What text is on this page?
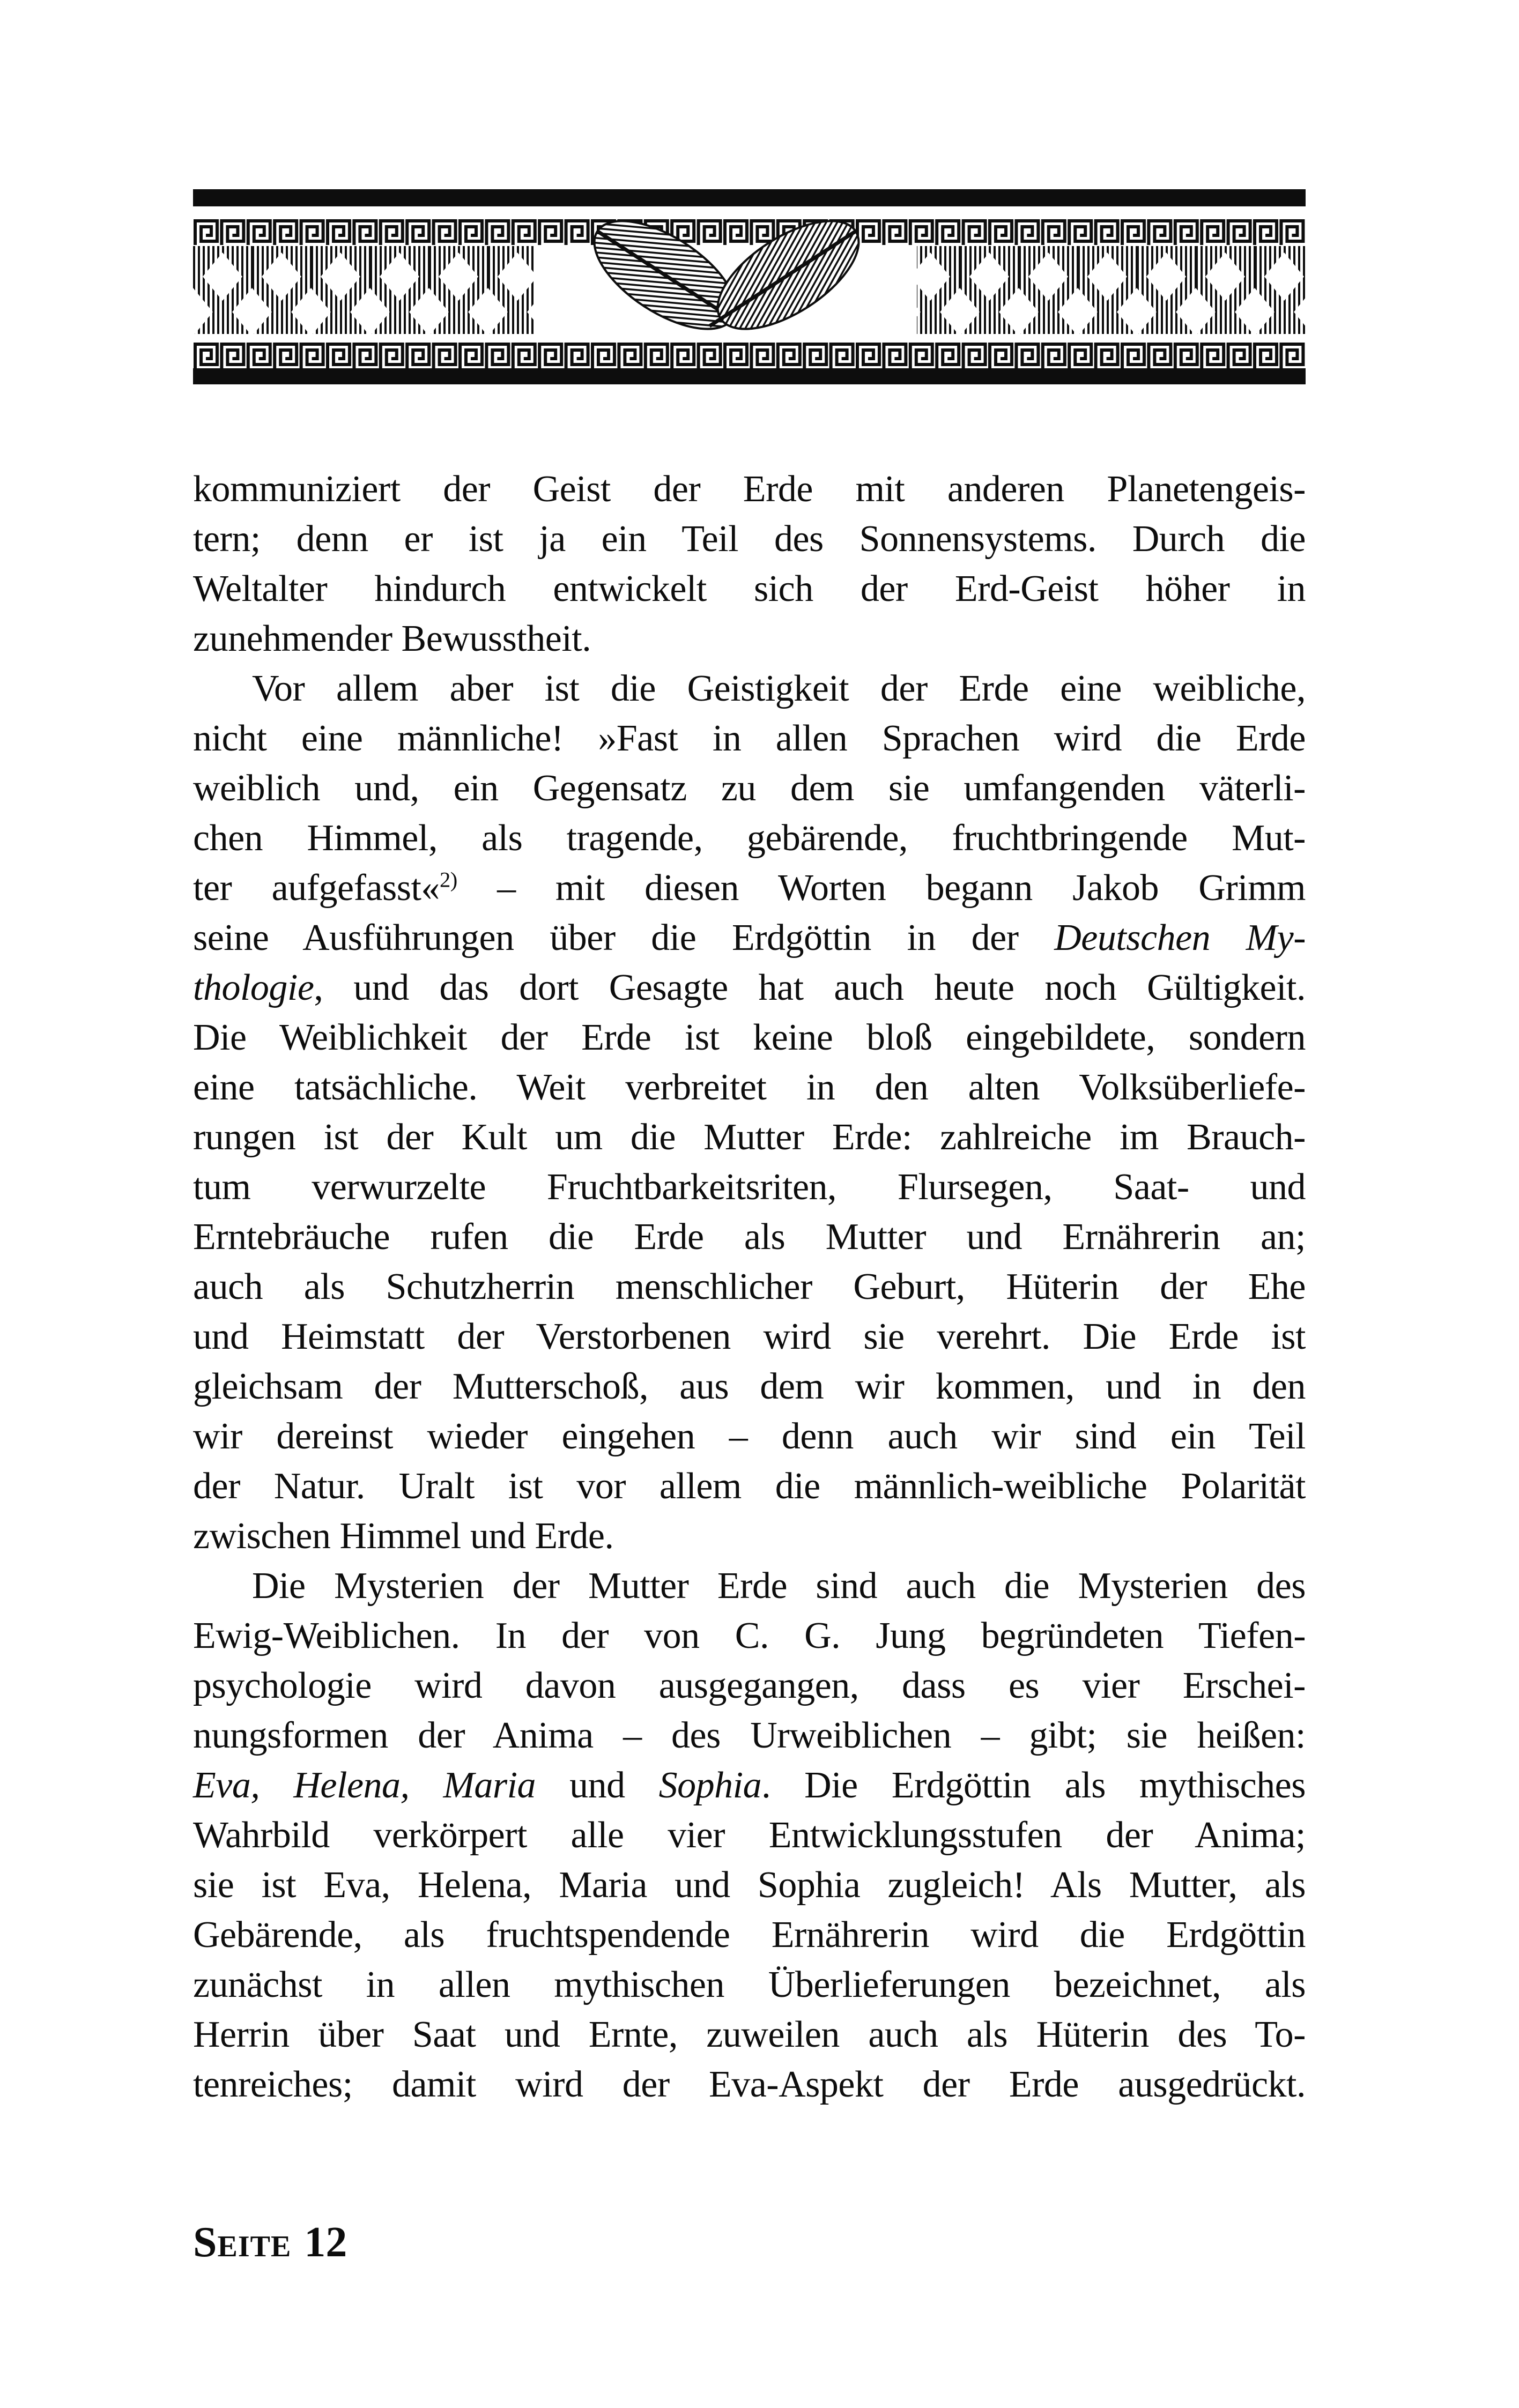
kommuniziert der Geist der Erde mit anderen Planetengeis-
tern; denn er ist ja ein Teil des Sonnensystems. Durch die
Weltalter hindurch entwickelt sich der Erd-Geist höher in
zunehmender Bewusstheit.
Vor allem aber ist die Geistigkeit der Erde eine weibliche,
nicht eine männliche! »Fast in allen Sprachen wird die Erde
weiblich und, ein Gegensatz zu dem sie umfangenden väterli-
chen Himmel, als tragende, gebärende, fruchtbringende Mut-
ter aufgefasst«$^{2)}$ – mit diesen Worten begann Jakob Grimm
seine Ausführungen über die Erdgöttin in der Deutschen My-
thologie, und das dort Gesagte hat auch heute noch Gültigkeit.
Die Weiblichkeit der Erde ist keine bloß eingebildete, sondern
eine tatsächliche. Weit verbreitet in den alten Volksüberliefe-
rungen ist der Kult um die Mutter Erde: zahlreiche im Brauch-
tum verwurzelte Fruchtbarkeitsriten, Flursegen, Saat- und
Erntebräuche rufen die Erde als Mutter und Ernährerin an;
auch als Schutzherrin menschlicher Geburt, Hüterin der Ehe
und Heimstatt der Verstorbenen wird sie verehrt. Die Erde ist
gleichsam der Mutterschoß, aus dem wir kommen, und in den
wir dereinst wieder eingehen – denn auch wir sind ein Teil
der Natur. Uralt ist vor allem die männlich-weibliche Polarität
zwischen Himmel und Erde.
Die Mysterien der Mutter Erde sind auch die Mysterien des
Ewig-Weiblichen. In der von C. G. Jung begründeten Tiefen-
psychologie wird davon ausgegangen, dass es vier Erschei-
nungsformen der Anima – des Urweiblichen – gibt; sie heißen:
Eva, Helena, Maria und Sophia. Die Erdgöttin als mythisches
Wahrbild verkörpert alle vier Entwicklungsstufen der Anima;
sie ist Eva, Helena, Maria und Sophia zugleich! Als Mutter, als
Gebärende, als fruchtspendende Ernährerin wird die Erdgöttin
zunächst in allen mythischen Überlieferungen bezeichnet, als
Herrin über Saat und Ernte, zuweilen auch als Hüterin des To-
tenreiches; damit wird der Eva-Aspekt der Erde ausgedrückt.
Seite 12
